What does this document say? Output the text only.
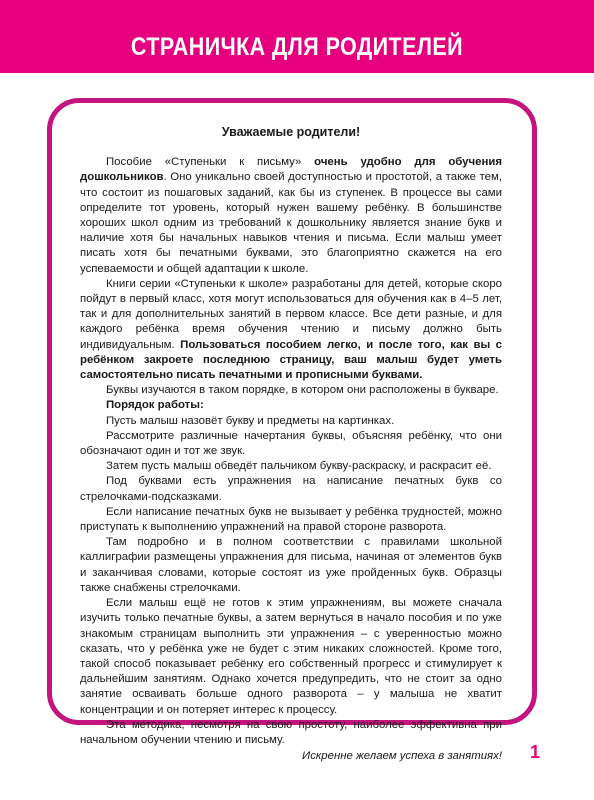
СТРАНИЧКА ДЛЯ РОДИТЕЛЕЙ
Уважаемые родители!

Пособие «Ступеньки к письму» очень удобно для обучения дошкольников. Оно уникально своей доступностью и простотой, а также тем, что состоит из пошаговых заданий, как бы из ступенек. В процессе вы сами определите тот уровень, который нужен вашему ребёнку. В большинстве хороших школ одним из требований к дошкольнику является знание букв и наличие хотя бы начальных навыков чтения и письма. Если малыш умеет писать хотя бы печатными буквами, это благоприятно скажется на его успеваемости и общей адаптации к школе.

Книги серии «Ступеньки к школе» разработаны для детей, которые скоро пойдут в первый класс, хотя могут использоваться для обучения как в 4–5 лет, так и для дополнительных занятий в первом классе. Все дети разные, и для каждого ребёнка время обучения чтению и письму должно быть индивидуальным. Пользоваться пособием легко, и после того, как вы с ребёнком закроете последнюю страницу, ваш малыш будет уметь самостоятельно писать печатными и прописными буквами.

Буквы изучаются в таком порядке, в котором они расположены в букваре.

Порядок работы:

Пусть малыш назовёт букву и предметы на картинках.

Рассмотрите различные начертания буквы, объясняя ребёнку, что они обозначают один и тот же звук.

Затем пусть малыш обведёт пальчиком букву-раскраску, и раскрасит её.

Под буквами есть упражнения на написание печатных букв со стрелочками-подсказками.

Если написание печатных букв не вызывает у ребёнка трудностей, можно приступать к выполнению упражнений на правой стороне разворота.

Там подробно и в полном соответствии с правилами школьной каллиграфии размещены упражнения для письма, начиная от элементов букв и заканчивая словами, которые состоят из уже пройденных букв. Образцы также снабжены стрелочками.

Если малыш ещё не готов к этим упражнениям, вы можете сначала изучить только печатные буквы, а затем вернуться в начало пособия и по уже знакомым страницам выполнить эти упражнения – с уверенностью можно сказать, что у ребёнка уже не будет с этим никаких сложностей. Кроме того, такой способ показывает ребёнку его собственный прогресс и стимулирует к дальнейшим занятиям. Однако хочется предупредить, что не стоит за одно занятие осваивать больше одного разворота – у малыша не хватит концентрации и он потеряет интерес к процессу.

Эта методика, несмотря на свою простоту, наиболее эффективна при начальном обучении чтению и письму.

Искренне желаем успеха в занятиях!	1
